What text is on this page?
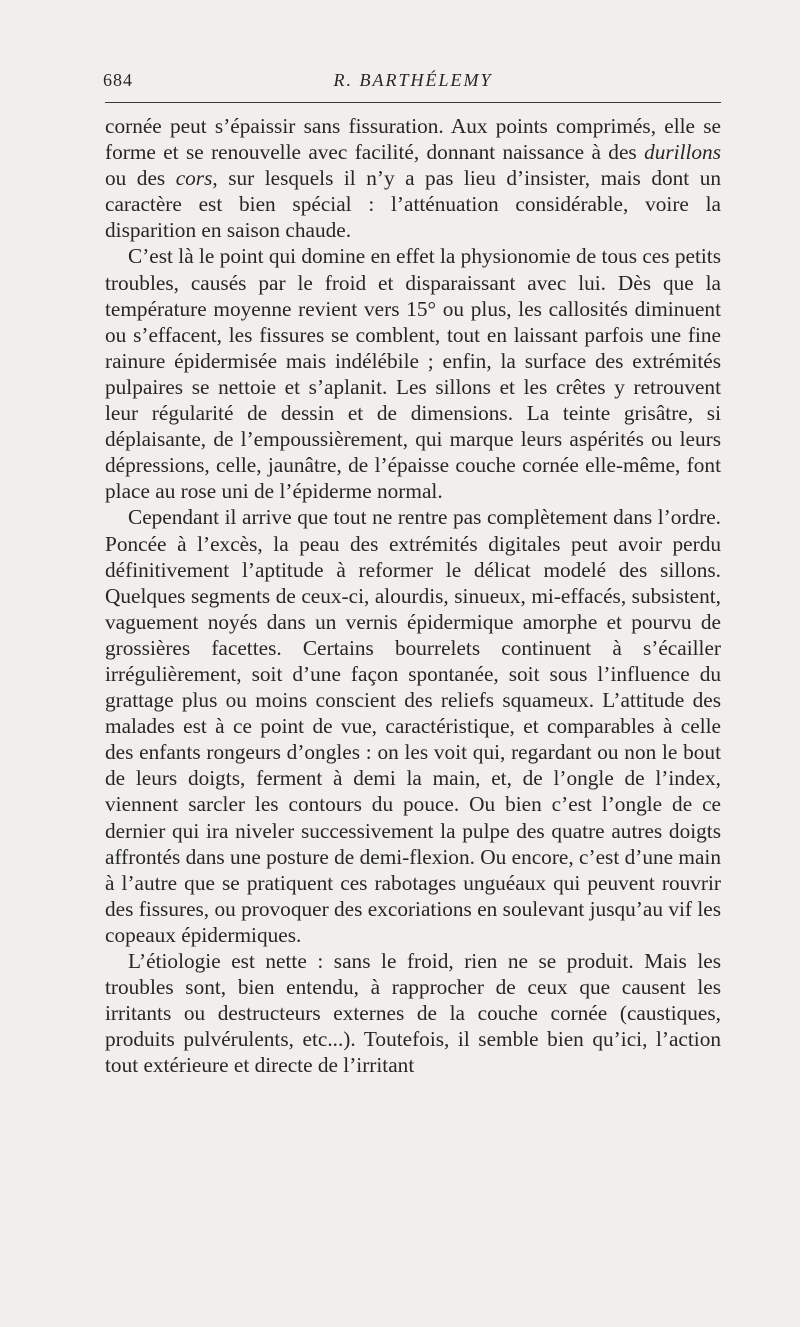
684	R. BARTHÉLEMY

cornée peut s’épaissir sans fissuration. Aux points comprimés, elle se forme et se renouvelle avec facilité, donnant naissance à des durillons ou des cors, sur lesquels il n’y a pas lieu d’insister, mais dont un caractère est bien spécial : l’atténuation considérable, voire la disparition en saison chaude.

C’est là le point qui domine en effet la physionomie de tous ces petits troubles, causés par le froid et disparaissant avec lui. Dès que la température moyenne revient vers 15° ou plus, les callosités diminuent ou s’effacent, les fissures se comblent, tout en laissant parfois une fine rainure épidermisée mais indélébile ; enfin, la surface des extrémités pulpaires se nettoie et s’aplanit. Les sillons et les crêtes y retrouvent leur régularité de dessin et de dimensions. La teinte grisâtre, si déplaisante, de l’empoussièrement, qui marque leurs aspérités ou leurs dépressions, celle, jaunâtre, de l’épaisse couche cornée elle-même, font place au rose uni de l’épiderme normal.

Cependant il arrive que tout ne rentre pas complètement dans l’ordre. Poncée à l’excès, la peau des extrémités digitales peut avoir perdu définitivement l’aptitude à reformer le délicat modelé des sillons. Quelques segments de ceux-ci, alourdis, sinueux, mi-effacés, subsistent, vaguement noyés dans un vernis épidermique amorphe et pourvu de grossières facettes. Certains bourrelets continuent à s’écailler irrégulièrement, soit d’une façon spontanée, soit sous l’influence du grattage plus ou moins conscient des reliefs squameux. L’attitude des malades est à ce point de vue, caractéristique, et comparables à celle des enfants rongeurs d’ongles : on les voit qui, regardant ou non le bout de leurs doigts, ferment à demi la main, et, de l’ongle de l’index, viennent sarcler les contours du pouce. Ou bien c’est l’ongle de ce dernier qui ira niveler successivement la pulpe des quatre autres doigts affrontés dans une posture de demi-flexion. Ou encore, c’est d’une main à l’autre que se pratiquent ces rabotages unguéaux qui peuvent rouvrir des fissures, ou provoquer des excoriations en soulevant jusqu’au vif les copeaux épidermiques.

L’étiologie est nette : sans le froid, rien ne se produit. Mais les troubles sont, bien entendu, à rapprocher de ceux que causent les irritants ou destructeurs externes de la couche cornée (caustiques, produits pulvérulents, etc...). Toutefois, il semble bien qu’ici, l’action tout extérieure et directe de l’irritant
